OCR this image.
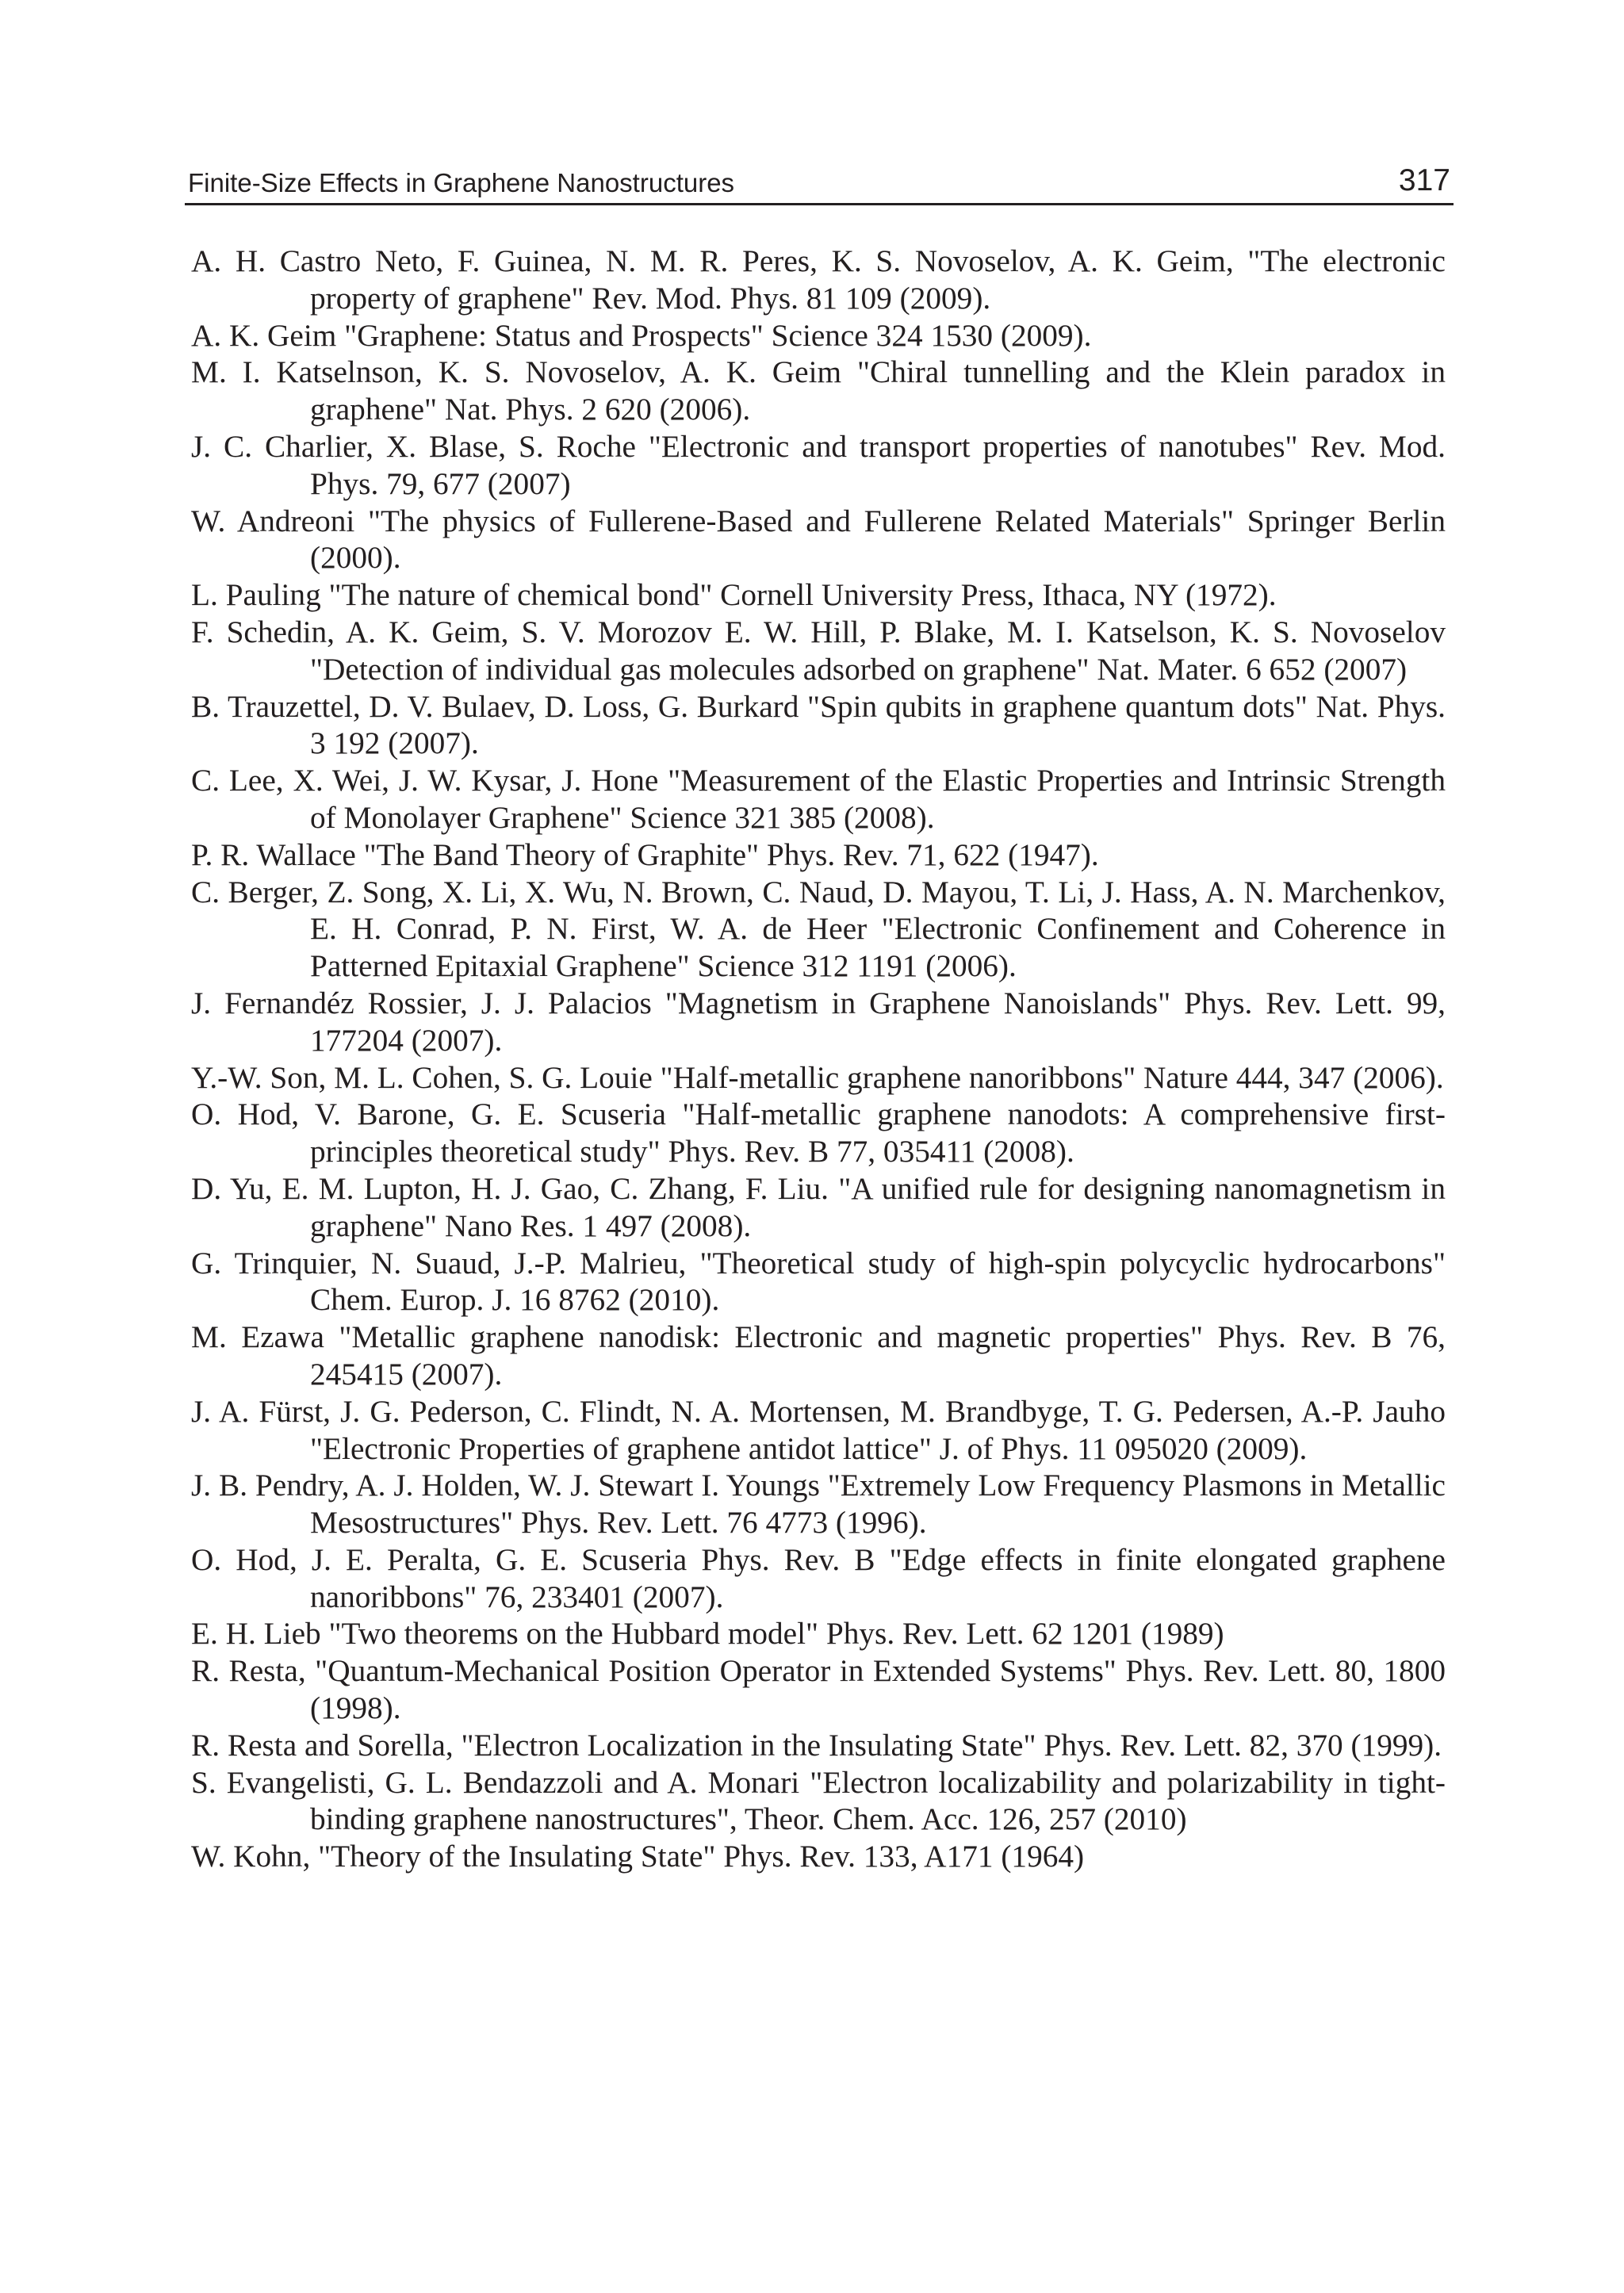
Finite-Size Effects in Graphene Nanostructures	317
A. H. Castro Neto, F. Guinea, N. M. R. Peres, K. S. Novoselov, A. K. Geim, "The electronic property of graphene" Rev. Mod. Phys. 81 109 (2009).
A. K. Geim "Graphene: Status and Prospects" Science 324 1530 (2009).
M. I. Katselnson, K. S. Novoselov, A. K. Geim "Chiral tunnelling and the Klein paradox in graphene" Nat. Phys. 2 620 (2006).
J. C. Charlier, X. Blase, S. Roche "Electronic and transport properties of nanotubes" Rev. Mod. Phys. 79, 677 (2007)
W. Andreoni "The physics of Fullerene-Based and Fullerene Related Materials" Springer Berlin (2000).
L. Pauling "The nature of chemical bond" Cornell University Press, Ithaca, NY (1972).
F. Schedin, A. K. Geim, S. V. Morozov E. W. Hill, P. Blake, M. I. Katselson, K. S. Novoselov "Detection of individual gas molecules adsorbed on graphene" Nat. Mater. 6 652 (2007)
B. Trauzettel, D. V. Bulaev, D. Loss, G. Burkard "Spin qubits in graphene quantum dots" Nat. Phys. 3 192 (2007).
C. Lee, X. Wei, J. W. Kysar, J. Hone "Measurement of the Elastic Properties and Intrinsic Strength of Monolayer Graphene" Science 321 385 (2008).
P. R. Wallace "The Band Theory of Graphite" Phys. Rev. 71, 622 (1947).
C. Berger, Z. Song, X. Li, X. Wu, N. Brown, C. Naud, D. Mayou, T. Li, J. Hass, A. N. Marchenkov, E. H. Conrad, P. N. First, W. A. de Heer "Electronic Confinement and Coherence in Patterned Epitaxial Graphene" Science 312 1191 (2006).
J. Fernandéz Rossier, J. J. Palacios "Magnetism in Graphene Nanoislands" Phys. Rev. Lett. 99, 177204 (2007).
Y.-W. Son, M. L. Cohen, S. G. Louie "Half-metallic graphene nanoribbons" Nature 444, 347 (2006).
O. Hod, V. Barone, G. E. Scuseria "Half-metallic graphene nanodots: A comprehensive first-principles theoretical study" Phys. Rev. B 77, 035411 (2008).
D. Yu, E. M. Lupton, H. J. Gao, C. Zhang, F. Liu. "A unified rule for designing nanomagnetism in graphene" Nano Res. 1 497 (2008).
G. Trinquier, N. Suaud, J.-P. Malrieu, "Theoretical study of high-spin polycyclic hydrocarbons" Chem. Europ. J. 16 8762 (2010).
M. Ezawa "Metallic graphene nanodisk: Electronic and magnetic properties" Phys. Rev. B 76, 245415 (2007).
J. A. Fürst, J. G. Pederson, C. Flindt, N. A. Mortensen, M. Brandbyge, T. G. Pedersen, A.-P. Jauho "Electronic Properties of graphene antidot lattice" J. of Phys. 11 095020 (2009).
J. B. Pendry, A. J. Holden, W. J. Stewart I. Youngs "Extremely Low Frequency Plasmons in Metallic Mesostructures" Phys. Rev. Lett. 76 4773 (1996).
O. Hod, J. E. Peralta, G. E. Scuseria Phys. Rev. B "Edge effects in finite elongated graphene nanoribbons" 76, 233401 (2007).
E. H. Lieb "Two theorems on the Hubbard model" Phys. Rev. Lett. 62 1201 (1989)
R. Resta, "Quantum-Mechanical Position Operator in Extended Systems" Phys. Rev. Lett. 80, 1800 (1998).
R. Resta and Sorella, "Electron Localization in the Insulating State" Phys. Rev. Lett. 82, 370 (1999).
S. Evangelisti, G. L. Bendazzoli and A. Monari "Electron localizability and polarizability in tight-binding graphene nanostructures", Theor. Chem. Acc. 126, 257 (2010)
W. Kohn, "Theory of the Insulating State" Phys. Rev. 133, A171 (1964)
